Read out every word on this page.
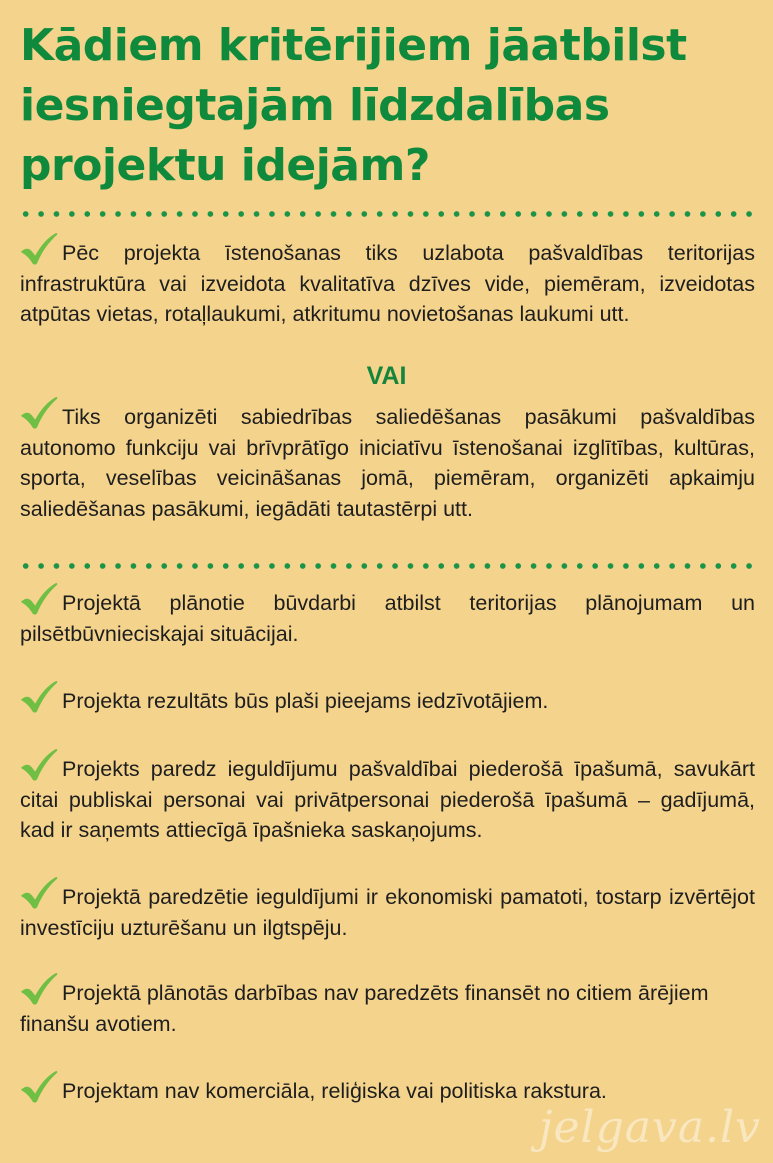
Kādiem kritērijiem jāatbilst iesniegtajām līdzdalības projektu idejām?

Pēc projekta īstenošanas tiks uzlabota pašvaldības teritorijas infrastruktūra vai izveidota kvalitatīva dzīves vide, piemēram, izveidotas atpūtas vietas, rotaļlaukumi, atkritumu novietošanas laukumi utt.

VAI

Tiks organizēti sabiedrības saliedēšanas pasākumi pašvaldības autonomo funkciju vai brīvprātīgo iniciatīvu īstenošanai izglītības, kultūras, sporta, veselības veicināšanas jomā, piemēram, organizēti apkaimju saliedēšanas pasākumi, iegādāti tautastērpi utt.

Projektā plānotie būvdarbi atbilst teritorijas plānojumam un pilsētbūvnieciskajai situācijai.

Projekta rezultāts būs plaši pieejams iedzīvotājiem.

Projekts paredz ieguldījumu pašvaldībai piederošā īpašumā, savukārt citai publiskai personai vai privātpersonai piederošā īpašumā – gadījumā, kad ir saņemts attiecīgā īpašnieka saskaņojums.

Projektā paredzētie ieguldījumi ir ekonomiski pamatoti, tostarp izvērtējot investīciju uzturēšanu un ilgtspēju.

Projektā plānotās darbības nav paredzēts finansēt no citiem ārējiem finanšu avotiem.

Projektam nav komerciāla, reliģiska vai politiska rakstura.

jelgava.lv
